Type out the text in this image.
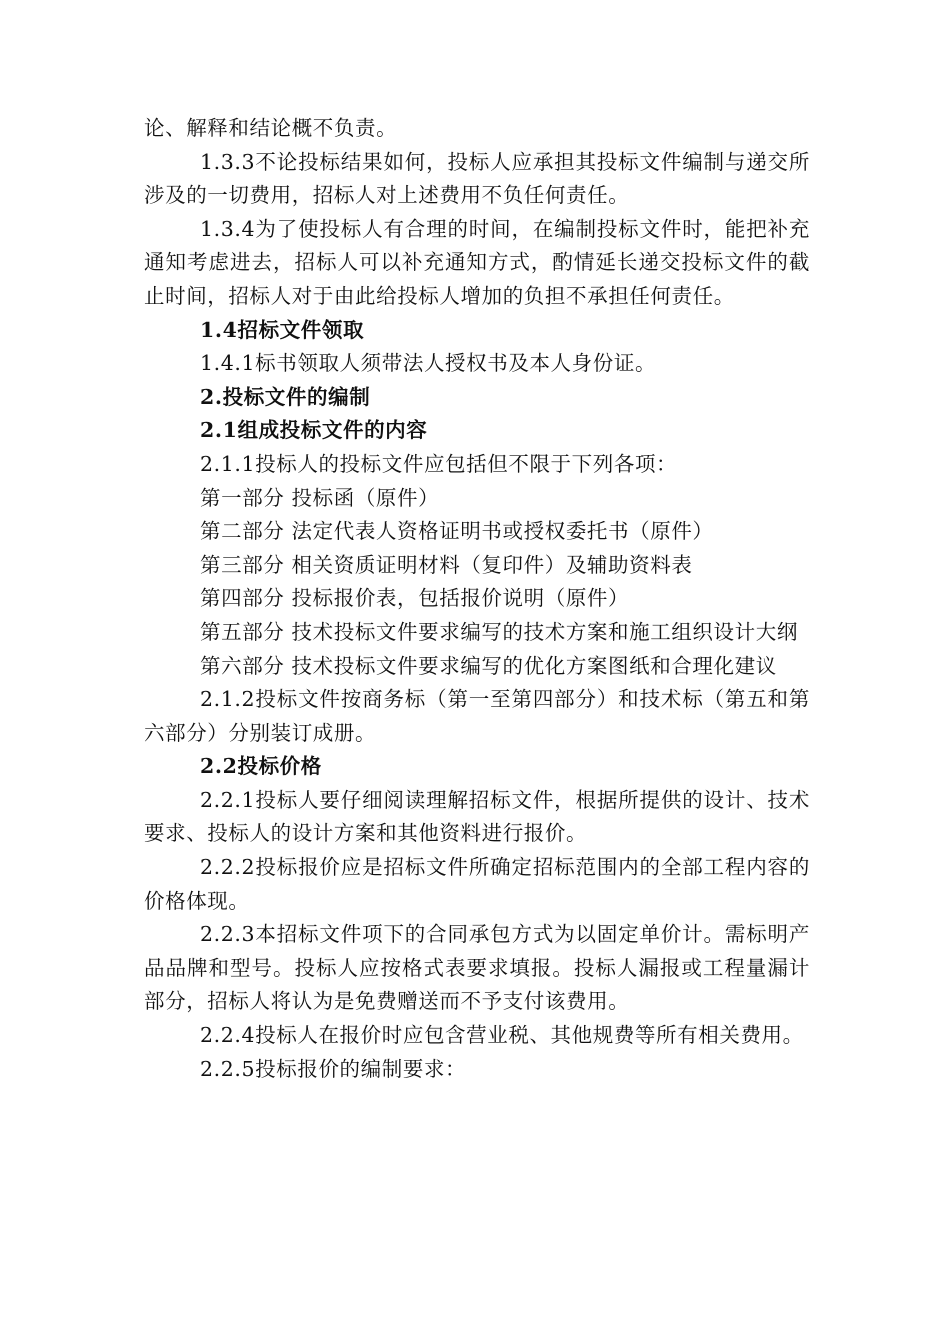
论、解释和结论概不负责。

1.3.3不论投标结果如何，投标人应承担其投标文件编制与递交所涉及的一切费用，招标人对上述费用不负任何责任。

1.3.4为了使投标人有合理的时间，在编制投标文件时，能把补充通知考虑进去，招标人可以补充通知方式，酌情延长递交投标文件的截止时间，招标人对于由此给投标人增加的负担不承担任何责任。

1.4招标文件领取

1.4.1标书领取人须带法人授权书及本人身份证。

2.投标文件的编制

2.1组成投标文件的内容

2.1.1投标人的投标文件应包括但不限于下列各项：

第一部分 投标函（原件）

第二部分 法定代表人资格证明书或授权委托书（原件）

第三部分 相关资质证明材料（复印件）及辅助资料表

第四部分 投标报价表，包括报价说明（原件）

第五部分 技术投标文件要求编写的技术方案和施工组织设计大纲

第六部分 技术投标文件要求编写的优化方案图纸和合理化建议

2.1.2投标文件按商务标（第一至第四部分）和技术标（第五和第六部分）分别装订成册。

2.2投标价格

2.2.1投标人要仔细阅读理解招标文件，根据所提供的设计、技术要求、投标人的设计方案和其他资料进行报价。

2.2.2投标报价应是招标文件所确定招标范围内的全部工程内容的价格体现。

2.2.3本招标文件项下的合同承包方式为以固定单价计。需标明产品品牌和型号。投标人应按格式表要求填报。投标人漏报或工程量漏计部分，招标人将认为是免费赠送而不予支付该费用。

2.2.4投标人在报价时应包含营业税、其他规费等所有相关费用。

2.2.5投标报价的编制要求：
